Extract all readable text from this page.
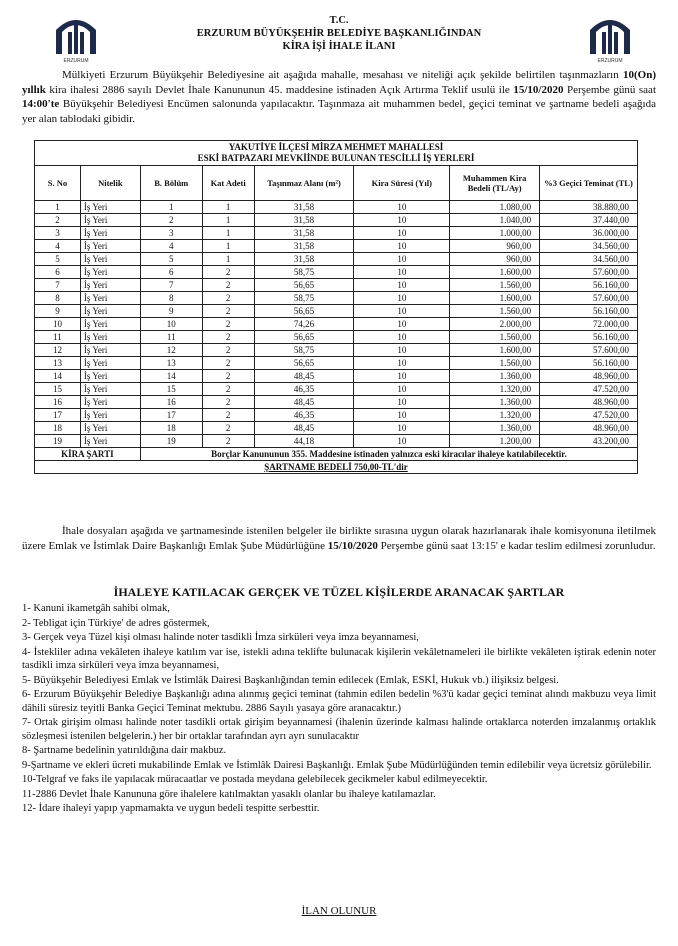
ERZURUM	ERZURUM
T.C.
ERZURUM BÜYÜKŞEHİR BELEDİYE BAŞKANLIĞINDAN
KİRA İŞİ İHALE İLANI
Mülkiyeti Erzurum Büyükşehir Belediyesine ait aşağıda mahalle, mesahası ve niteliği açık şekilde belirtilen taşınmazların 10(On) yıllık kira ihalesi 2886 sayılı Devlet İhale Kanununun 45. maddesine istinaden Açık Artırma Teklif usulü ile 15/10/2020 Perşembe günü saat 14:00'te Büyükşehir Belediyesi Encümen salonunda yapılacaktır. Taşınmaza ait muhammen bedel, geçici teminat ve şartname bedeli aşağıda yer alan tablodaki gibidir.
YAKUTİYE İLÇESİ MİRZA MEHMET MAHALLESİ
ESKİ BATPAZARI MEVKİİNDE BULUNAN TESCİLLİ İŞ YERLERİ							

S. No	Nitelik	B. Bölüm	Kat Adeti	Taşınmaz Alanı (m²)	Kira Süresi (Yıl)	Muhammen Kira Bedeli (TL/Ay)	%3 Geçici Teminat (TL)
1	İş Yeri	1	1	31,58	10	1.080,00	38.880,00
2	İş Yeri	2	1	31,58	10	1.040,00	37.440,00
3	İş Yeri	3	1	31,58	10	1.000,00	36.000,00
4	İş Yeri	4	1	31,58	10	960,00	34.560,00
5	İş Yeri	5	1	31,58	10	960,00	34.560,00
6	İş Yeri	6	2	58,75	10	1.600,00	57.600,00
7	İş Yeri	7	2	56,65	10	1.560,00	56.160,00
8	İş Yeri	8	2	58,75	10	1.600,00	57.600,00
9	İş Yeri	9	2	56,65	10	1.560,00	56.160,00
10	İş Yeri	10	2	74,26	10	2.000,00	72.000,00
11	İş Yeri	11	2	56,65	10	1.560,00	56.160,00
12	İş Yeri	12	2	58,75	10	1.600,00	57.600,00
13	İş Yeri	13	2	56,65	10	1.560,00	56.160,00
14	İş Yeri	14	2	48,45	10	1.360,00	48.960,00
15	İş Yeri	15	2	46,35	10	1.320,00	47.520,00
16	İş Yeri	16	2	48,45	10	1.360,00	48.960,00
17	İş Yeri	17	2	46,35	10	1.320,00	47.520,00
18	İş Yeri	18	2	48,45	10	1.360,00	48.960,00
19	İş Yeri	19	2	44,18	10	1.200,00	43.200,00
KİRA ŞARTI		Borçlar Kanununun 355. Maddesine istinaden yalnızca eski kiracılar ihaleye katılabilecektir.					
ŞARTNAME BEDELİ 750,00-TL'dir							
İhale dosyaları aşağıda ve şartnamesinde istenilen belgeler ile birlikte sırasına uygun olarak hazırlanarak ihale komisyonuna iletilmek üzere Emlak ve İstimlak Daire Başkanlığı Emlak Şube Müdürlüğüne 15/10/2020 Perşembe günü saat 13:15' e kadar teslim edilmesi zorunludur.
İHALEYE KATILACAK GERÇEK VE TÜZEL KİŞİLERDE ARANACAK ŞARTLAR
1- Kanuni ikametgâh sahibi olmak,
2- Tebligat için Türkiye' de adres göstermek,
3- Gerçek veya Tüzel kişi olması halinde noter tasdikli İmza sirküleri veya imza beyannamesi,
4- İstekliler adına vekâleten ihaleye katılım var ise, istekli adına teklifte bulunacak kişilerin vekâletnameleri ile birlikte vekâleten iştirak edenin noter tasdikli imza sirküleri veya imza beyannamesi,
5- Büyükşehir Belediyesi Emlak ve İstimlâk Dairesi Başkanlığından temin edilecek (Emlak, ESKİ, Hukuk vb.) ilişiksiz belgesi.
6- Erzurum Büyükşehir Belediye Başkanlığı adına alınmış geçici teminat (tahmin edilen bedelin %3'ü kadar geçici teminat alındı makbuzu veya limit dâhili süresiz teyitli Banka Geçici Teminat mektubu. 2886 Sayılı yasaya göre aranacaktır.)
7- Ortak girişim olması halinde noter tasdikli ortak girişim beyannamesi (ihalenin üzerinde kalması halinde ortaklarca noterden imzalanmış ortaklık sözleşmesi istenilen belgelerin.) her bir ortaklar tarafından ayrı ayrı sunulacaktır
8- Şartname bedelinin yatırıldığına dair makbuz.
9-Şartname ve ekleri ücreti mukabilinde Emlak ve İstimlâk Dairesi Başkanlığı. Emlak Şube Müdürlüğünden temin edilebilir veya ücretsiz görülebilir.
10-Telgraf ve faks ile yapılacak müracaatlar ve postada meydana gelebilecek gecikmeler kabul edilmeyecektir.
11-2886 Devlet İhale Kanununa göre ihalelere katılmaktan yasaklı olanlar bu ihaleye katılamazlar.
12- İdare ihaleyi yapıp yapmamakta ve uygun bedeli tespitte serbesttir.
İLAN OLUNUR
